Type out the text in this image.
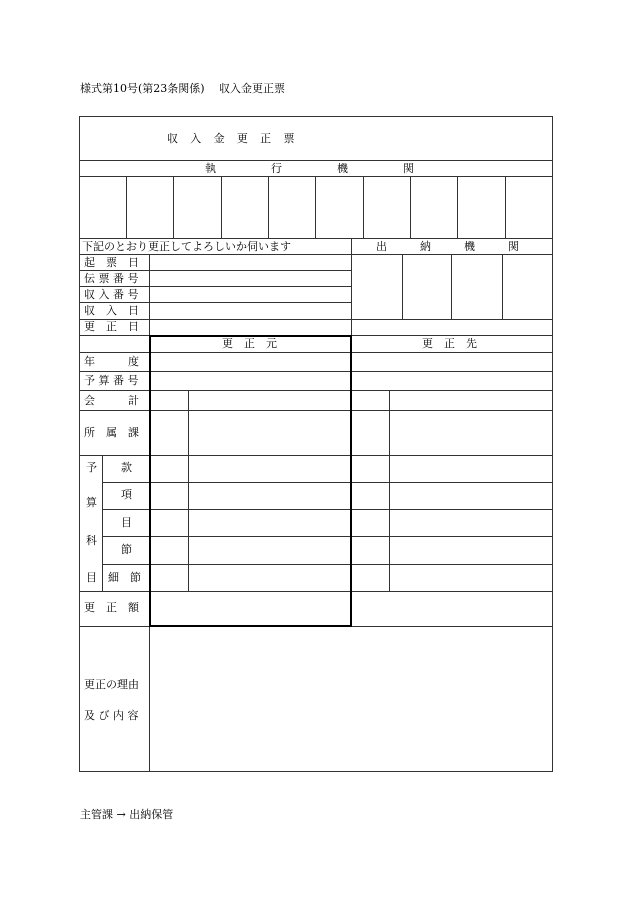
様式第10号(第23条関係) 収入金更正票
収 入 金 更 正 票
執　　　　　行　　　　　機　　　　　関
下記のとおり更正してよろしいか伺います	出　　　納　　　機　　　関
起　票　日
伝 票 番 号
収 入 番 号
収　入　日
更　正　日
更　正　元	更　正　先
年　　　度
予 算 番 号
会　　　計
所　属　課
予
算
科
目
款
項
目
節
細　節
更　正　額
更正の理由
及 び 内 容
主管課 → 出納保管
